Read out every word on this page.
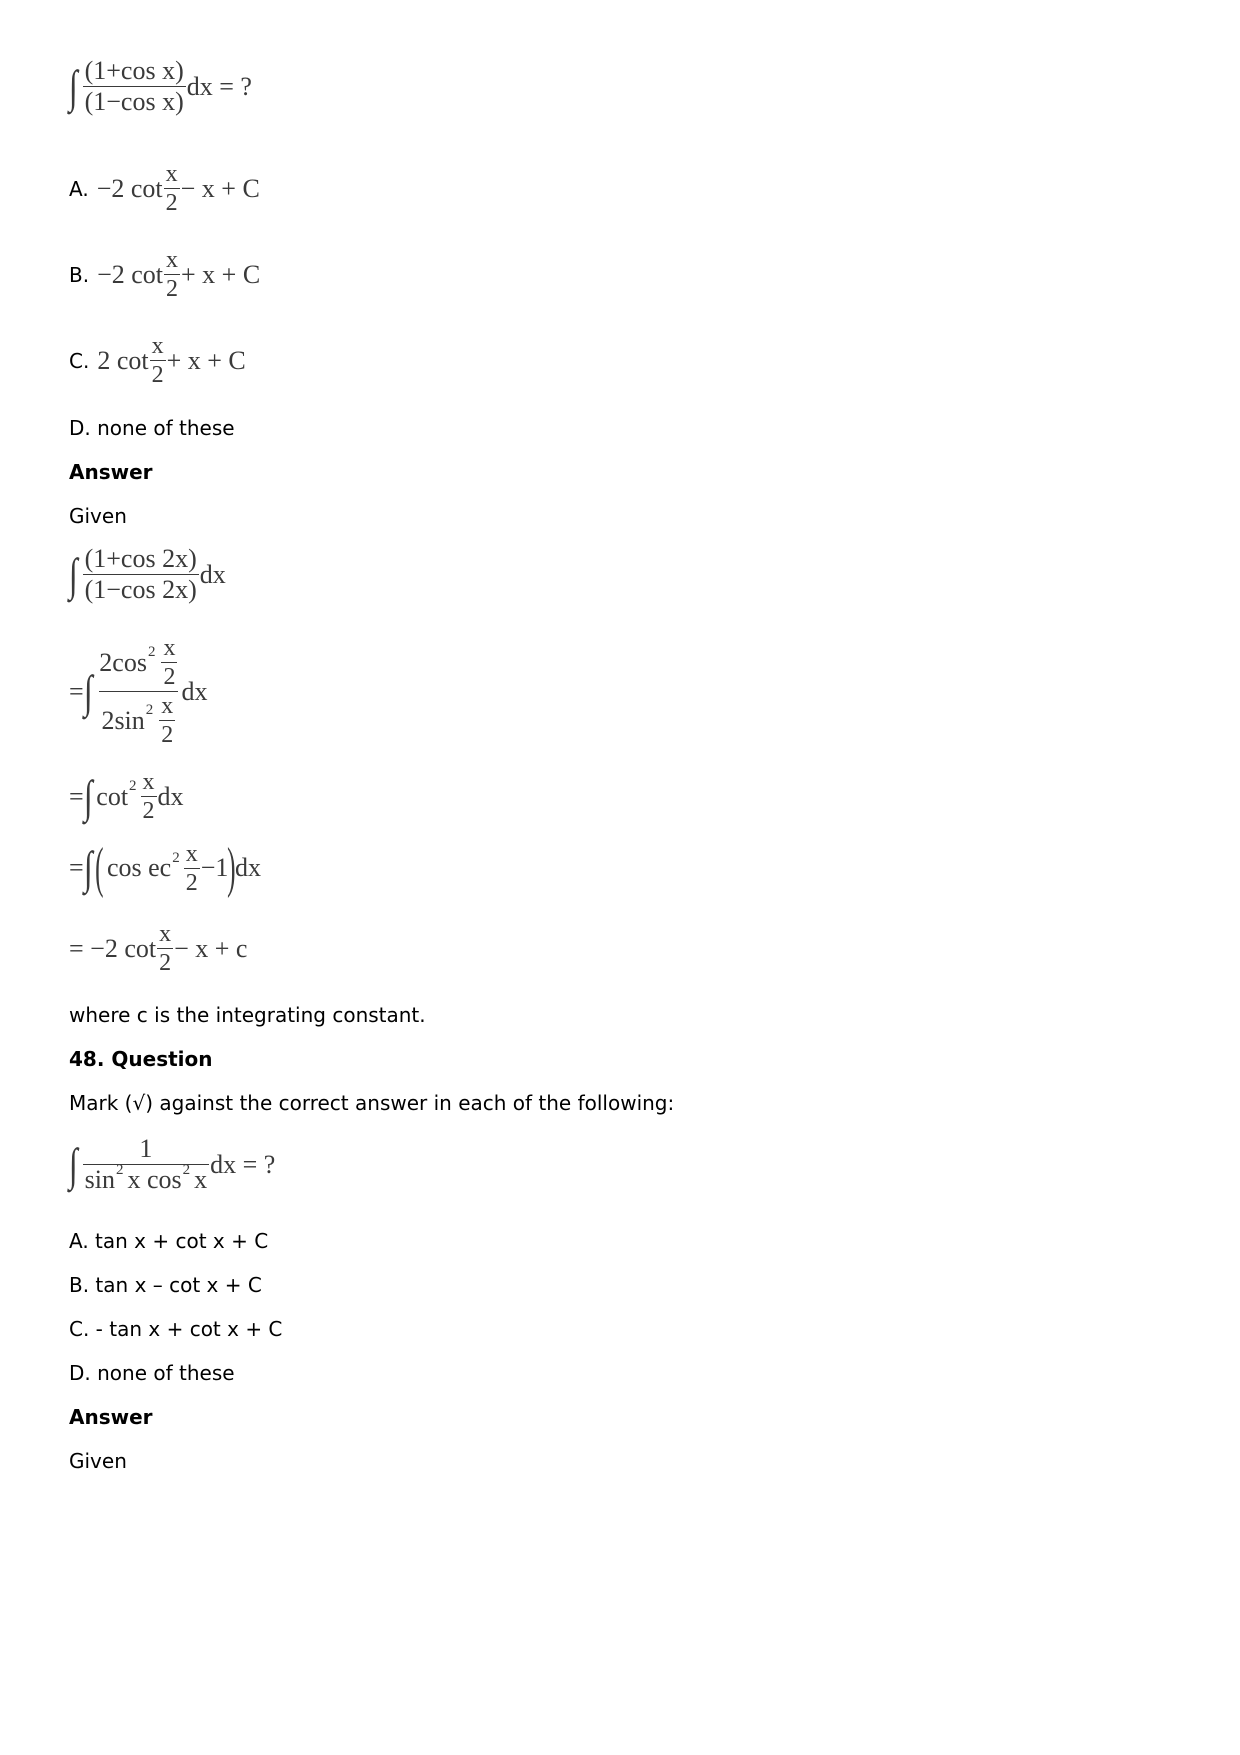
∫ $\frac{\text{(1+cos x)}}{\text{(1−cos x)}}$ dx = ?
A. −2 $\cot \frac{x}{2} - x + C$
B. −2 $\cot \frac{x}{2} + x + C$
C. 2 $\cot \frac{x}{2} + x + C$
D. none of these
Answer
Given
∫ $\frac{(1+\cos 2x)}{(1-\cos 2x)}$ dx
= ∫ $\frac{2\cos 2 \frac{x}{2}}{2\sin 2 \frac{x}{2}}$ dx
= ∫ $\cot 2 \frac{x}{2}$ dx
= ∫ ( cos ec $2 \frac{x}{2} -1$ ) dx
= −2 $\cot \frac{x}{2} - x + c$
where c is the integrating constant.
48. Question
Mark (√) against the correct answer in each of the following:
∫ $\frac{1}{\text{sin 2 x cos 2 x}}$ dx = ?
A. tan x + cot x + C
B. tan x – cot x + C
C. - tan x + cot x + C
D. none of these
Answer
Given
